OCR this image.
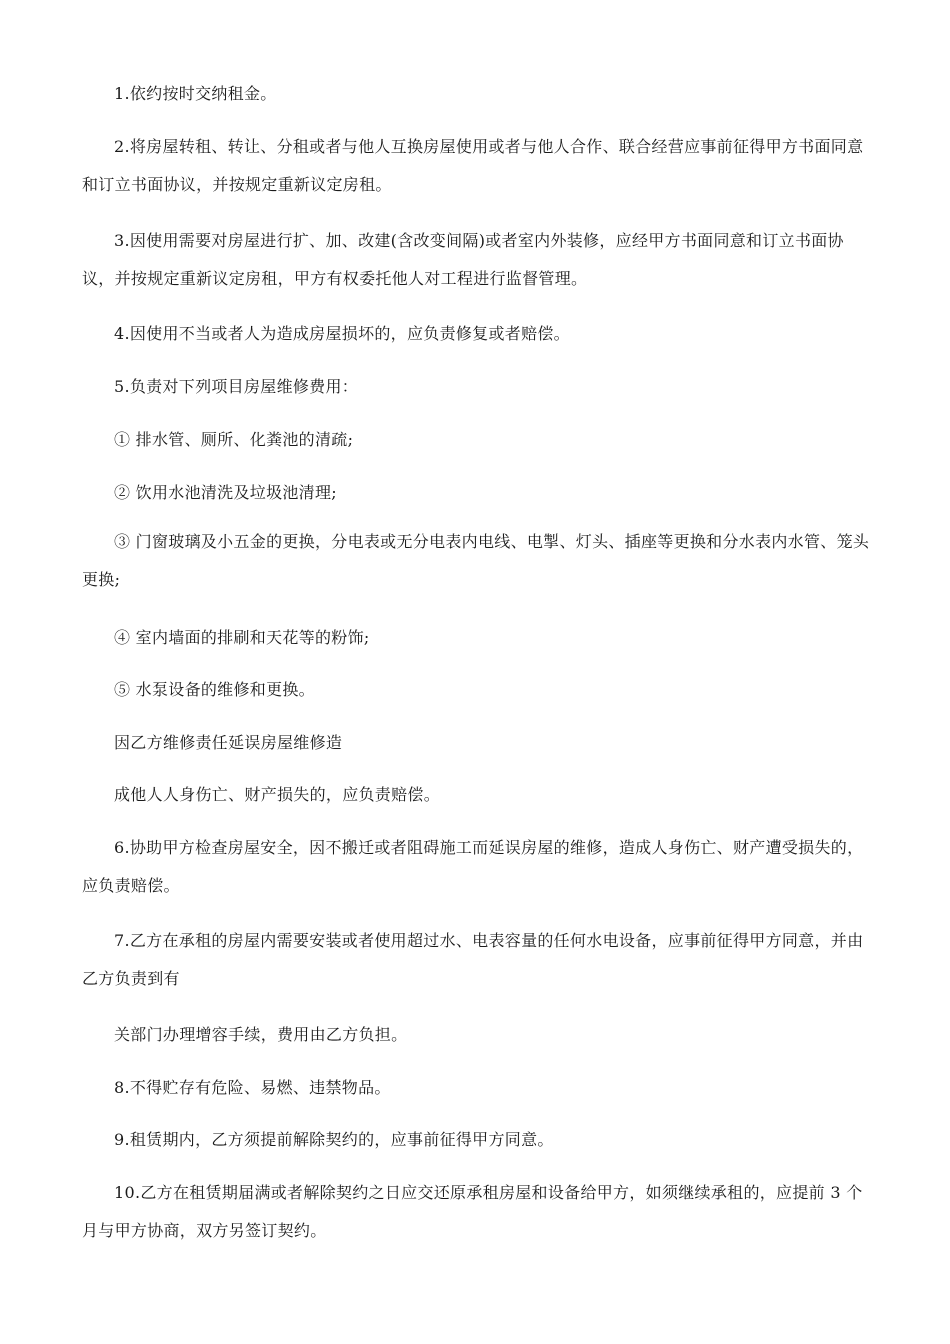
1.依约按时交纳租金。

2.将房屋转租、转让、分租或者与他人互换房屋使用或者与他人合作、联合经营应事前征得甲方书面同意和订立书面协议，并按规定重新议定房租。

3.因使用需要对房屋进行扩、加、改建(含改变间隔)或者室内外装修，应经甲方书面同意和订立书面协议，并按规定重新议定房租，甲方有权委托他人对工程进行监督管理。

4.因使用不当或者人为造成房屋损坏的，应负责修复或者赔偿。

5.负责对下列项目房屋维修费用：

① 排水管、厕所、化粪池的清疏;

② 饮用水池清洗及垃圾池清理;

③ 门窗玻璃及小五金的更换，分电表或无分电表内电线、电掣、灯头、插座等更换和分水表内水管、笼头更换;

④ 室内墙面的排刷和天花等的粉饰;

⑤ 水泵设备的维修和更换。

因乙方维修责任延误房屋维修造

成他人人身伤亡、财产损失的，应负责赔偿。

6.协助甲方检查房屋安全，因不搬迁或者阻碍施工而延误房屋的维修，造成人身伤亡、财产遭受损失的，应负责赔偿。

7.乙方在承租的房屋内需要安装或者使用超过水、电表容量的任何水电设备，应事前征得甲方同意，并由乙方负责到有

关部门办理增容手续，费用由乙方负担。

8.不得贮存有危险、易燃、违禁物品。

9.租赁期内，乙方须提前解除契约的，应事前征得甲方同意。

10.乙方在租赁期届满或者解除契约之日应交还原承租房屋和设备给甲方，如须继续承租的，应提前 3 个月与甲方协商，双方另签订契约。
